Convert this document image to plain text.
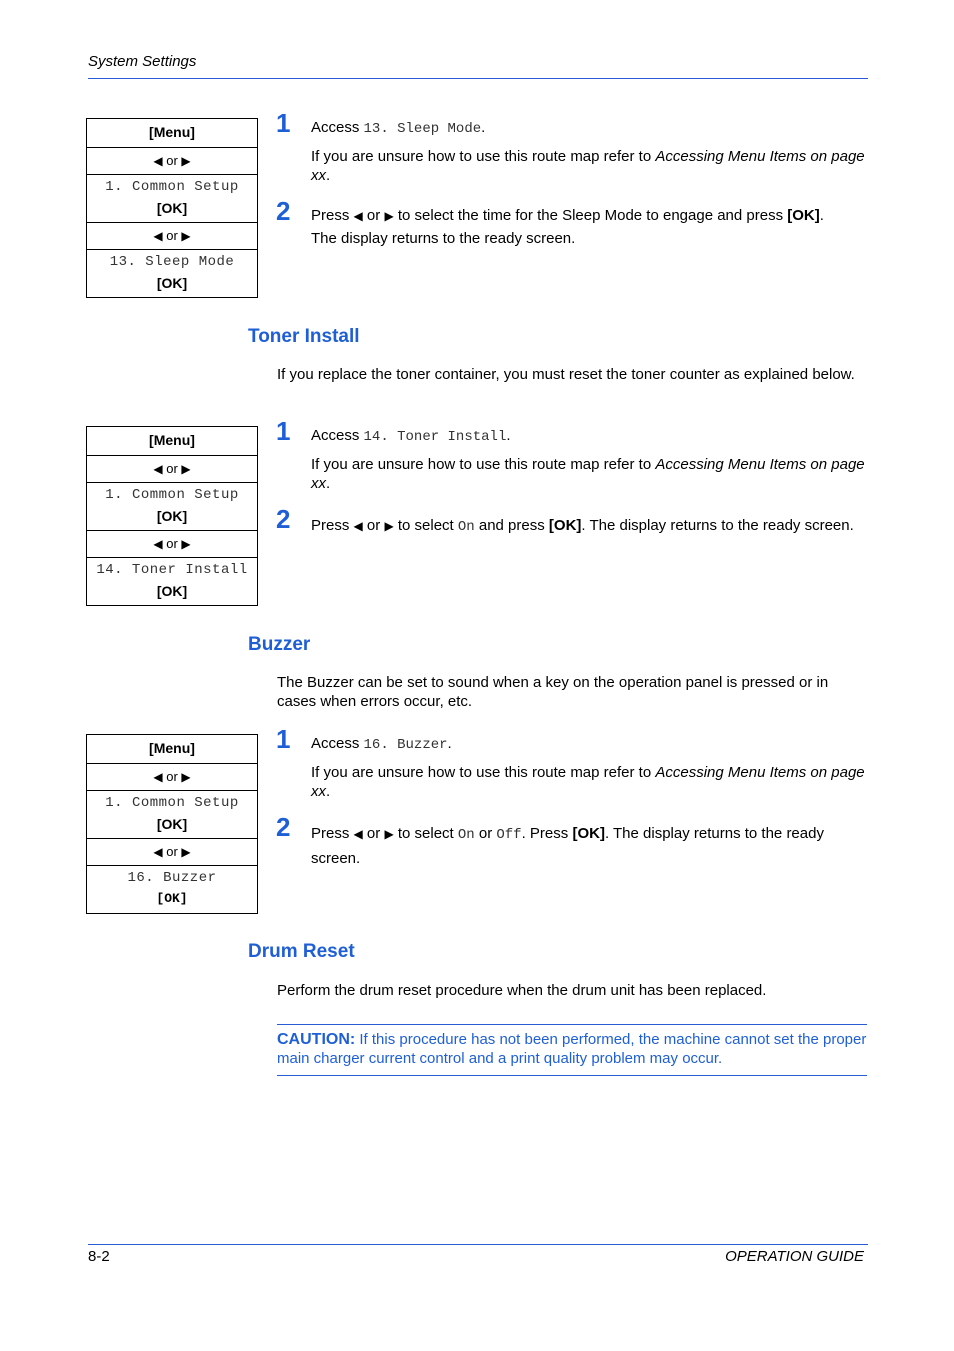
System Settings
[Menu]
◀ or ▶
1. Common Setup
[OK]
◀ or ▶
13. Sleep Mode
[OK]
1 Access 13. Sleep Mode.
If you are unsure how to use this route map refer to Accessing Menu Items on page xx.
2 Press ◀ or ▶ to select the time for the Sleep Mode to engage and press [OK].
The display returns to the ready screen.
Toner Install
If you replace the toner container, you must reset the toner counter as explained below.
[Menu]
◀ or ▶
1. Common Setup
[OK]
◀ or ▶
14. Toner Install
[OK]
1 Access 14. Toner Install.
If you are unsure how to use this route map refer to Accessing Menu Items on page xx.
2 Press ◀ or ▶ to select On and press [OK]. The display returns to the ready screen.
Buzzer
The Buzzer can be set to sound when a key on the operation panel is pressed or in cases when errors occur, etc.
[Menu]
◀ or ▶
1. Common Setup
[OK]
◀ or ▶
16. Buzzer
[OK]
1 Access 16. Buzzer.
If you are unsure how to use this route map refer to Accessing Menu Items on page xx.
2 Press ◀ or ▶ to select On or Off. Press [OK]. The display returns to the ready screen.
Drum Reset
Perform the drum reset procedure when the drum unit has been replaced.
CAUTION: If this procedure has not been performed, the machine cannot set the proper main charger current control and a print quality problem may occur.
8-2	OPERATION GUIDE
